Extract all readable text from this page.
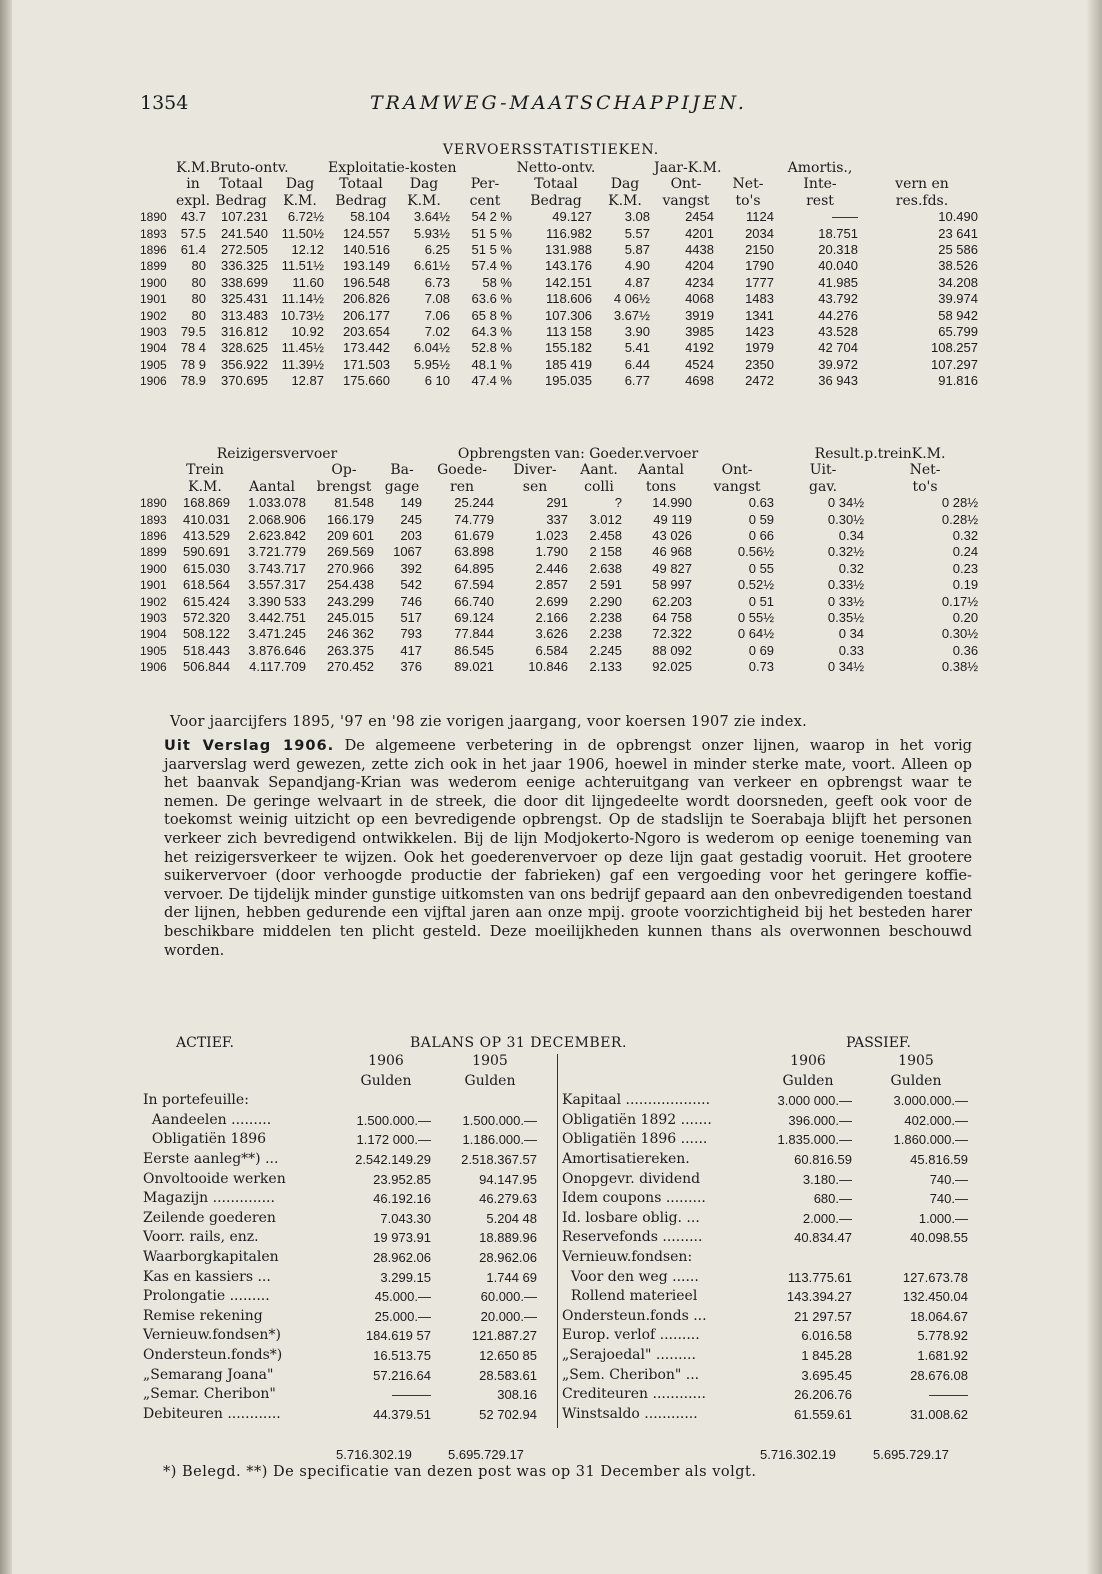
1354	TRAMWEG-MAATSCHAPPIJEN.
VERVOERSSTATISTIEKEN.
	K.M.	Bruto-ontv.		Exploitatie-kosten			Netto-ontv.		Jaar-K.M.		Amortis.,	
	in	Totaal	Dag	Totaal	Dag	Per-	Totaal	Dag	Ont-	Net-	Inte-	vern en
	expl.	Bedrag	K.M.	Bedrag	K.M.	cent	Bedrag	K.M.	vangst	to's	rest	res.fds.
1890	43.7	107.231	6.72½	58.104	3.64½	54 2 %	49.127	3.08	2454	1124	——	10.490
1893	57.5	241.540	11.50½	124.557	5.93½	51 5 %	116.982	5.57	4201	2034	18.751	23 641
1896	61.4	272.505	12.12	140.516	6.25	51 5 %	131.988	5.87	4438	2150	20.318	25 586
1899	80	336.325	11.51½	193.149	6.61½	57.4 %	143.176	4.90	4204	1790	40.040	38.526
1900	80	338.699	11.60	196.548	6.73	58 %	142.151	4.87	4234	1777	41.985	34.208
1901	80	325.431	11.14½	206.826	7.08	63.6 %	118.606	4 06½	4068	1483	43.792	39.974
1902	80	313.483	10.73½	206.177	7.06	65 8 %	107.306	3.67½	3919	1341	44.276	58 942
1903	79.5	316.812	10.92	203.654	7.02	64.3 %	113 158	3.90	3985	1423	43.528	65.799
1904	78 4	328.625	11.45½	173.442	6.04½	52.8 %	155.182	5.41	4192	1979	42 704	108.257
1905	78 9	356.922	11.39½	171.503	5.95½	48.1 %	185 419	6.44	4524	2350	39.972	107.297
1906	78.9	370.695	12.87	175.660	6 10	47.4 %	195.035	6.77	4698	2472	36 943	91.816
	Reizigersvervoer			Opbrengsten van: Goeder.vervoer						Result.p.treinK.M.	
	Trein		Op-	Ba-	Goede-	Diver-	Aant.	Aantal	Ont-	Uit-	Net-
	K.M.	Aantal	brengst	gage	ren	sen	colli	tons	vangst	gav.	to's
1890	168.869	1.033.078	81.548	149	25.244	291	?	14.990	0.63	0 34½	0 28½
1893	410.031	2.068.906	166.179	245	74.779	337	3.012	49 119	0 59	0.30½	0.28½
1896	413.529	2.623.842	209 601	203	61.679	1.023	2.458	43 026	0 66	0.34	0.32
1899	590.691	3.721.779	269.569	1067	63.898	1.790	2 158	46 968	0.56½	0.32½	0.24
1900	615.030	3.743.717	270.966	392	64.895	2.446	2.638	49 827	0 55	0.32	0.23
1901	618.564	3.557.317	254.438	542	67.594	2.857	2 591	58 997	0.52½	0.33½	0.19
1902	615.424	3.390 533	243.299	746	66.740	2.699	2.290	62.203	0 51	0 33½	0.17½
1903	572.320	3.442.751	245.015	517	69.124	2.166	2.238	64 758	0 55½	0.35½	0.20
1904	508.122	3.471.245	246 362	793	77.844	3.626	2.238	72.322	0 64½	0 34	0.30½
1905	518.443	3.876.646	263.375	417	86.545	6.584	2.245	88 092	0 69	0.33	0.36
1906	506.844	4.117.709	270.452	376	89.021	10.846	2.133	92.025	0.73	0 34½	0.38½
Voor jaarcijfers 1895, '97 en '98 zie vorigen jaargang, voor koersen 1907 zie index.
Uit Verslag 1906. De algemeene verbetering in de opbrengst onzer lijnen, waarop in het vorig jaarverslag werd gewezen, zette zich ook in het jaar 1906, hoewel in minder sterke mate, voort. Alleen op het baanvak Sepandjang-Krian was wederom eenige achteruitgang van verkeer en opbrengst waar te nemen. De geringe welvaart in de streek, die door dit lijngedeelte wordt doorsneden, geeft ook voor de toekomst weinig uitzicht op een bevredigende opbrengst. Op de stadslijn te Soerabaja blijft het personen verkeer zich bevredigend ontwikkelen. Bij de lijn Modjokerto-Ngoro is wederom op eenige toeneming van het reizigersverkeer te wijzen. Ook het goederenvervoer op deze lijn gaat gestadig vooruit. Het grootere suikervervoer (door verhoogde productie der fabrieken) gaf een vergoeding voor het geringere koffie-vervoer. De tijdelijk minder gunstige uitkomsten van ons bedrijf gepaard aan den onbevredigenden toestand der lijnen, hebben gedurende een vijftal jaren aan onze mpij. groote voorzichtigheid bij het besteden harer beschikbare middelen ten plicht gesteld. Deze moeilijkheden kunnen thans als overwonnen beschouwd worden.
ACTIEF.	BALANS OP 31 DECEMBER.	PASSIEF.
	1906	1905
	Gulden	Gulden
In portefeuille:		
Aandeelen .........	1.500.000.—	1.500.000.—
Obligatiën 1896	1.172 000.—	1.186.000.—
Eerste aanleg**) ...	2.542.149.29	2.518.367.57
Onvoltooide werken	23.952.85	94.147.95
Magazijn ..............	46.192.16	46.279.63
Zeilende goederen	7.043.30	5.204 48
Voorr. rails, enz.	19 973.91	18.889.96
Waarborgkapitalen	28.962.06	28.962.06
Kas en kassiers ...	3.299.15	1.744 69
Prolongatie .........	45.000.—	60.000.—
Remise rekening	25.000.—	20.000.—
Vernieuw.fondsen*)	184.619 57	121.887.27
Ondersteun.fonds*)	16.513.75	12.650 85
„Semarang Joana"	57.216.64	28.583.61
„Semar. Cheribon"	———	308.16
Debiteuren ............	44.379.51	52 702.94
	1906	1905
	Gulden	Gulden
Kapitaal ...................	3.000 000.—	3.000.000.—
Obligatiën 1892 .......	396.000.—	402.000.—
Obligatiën 1896 ......	1.835.000.—	1.860.000.—
Amortisatiereken.	60.816.59	45.816.59
Onopgevr. dividend	3.180.—	740.—
Idem coupons .........	680.—	740.—
Id. losbare oblig. ...	2.000.—	1.000.—
Reservefonds .........	40.834.47	40.098.55
Vernieuw.fondsen:		
Voor den weg ......	113.775.61	127.673.78
Rollend materieel	143.394.27	132.450.04
Ondersteun.fonds ...	21 297.57	18.064.67
Europ. verlof .........	6.016.58	5.778.92
„Serajoedal" .........	1 845.28	1.681.92
„Sem. Cheribon" ...	3.695.45	28.676.08
Crediteuren ............	26.206.76	———
Winstsaldo ............	61.559.61	31.008.62
5.716.302.19	5.695.729.17	5.716.302.19	5.695.729.17
*) Belegd. **) De specificatie van dezen post was op 31 December als volgt.
